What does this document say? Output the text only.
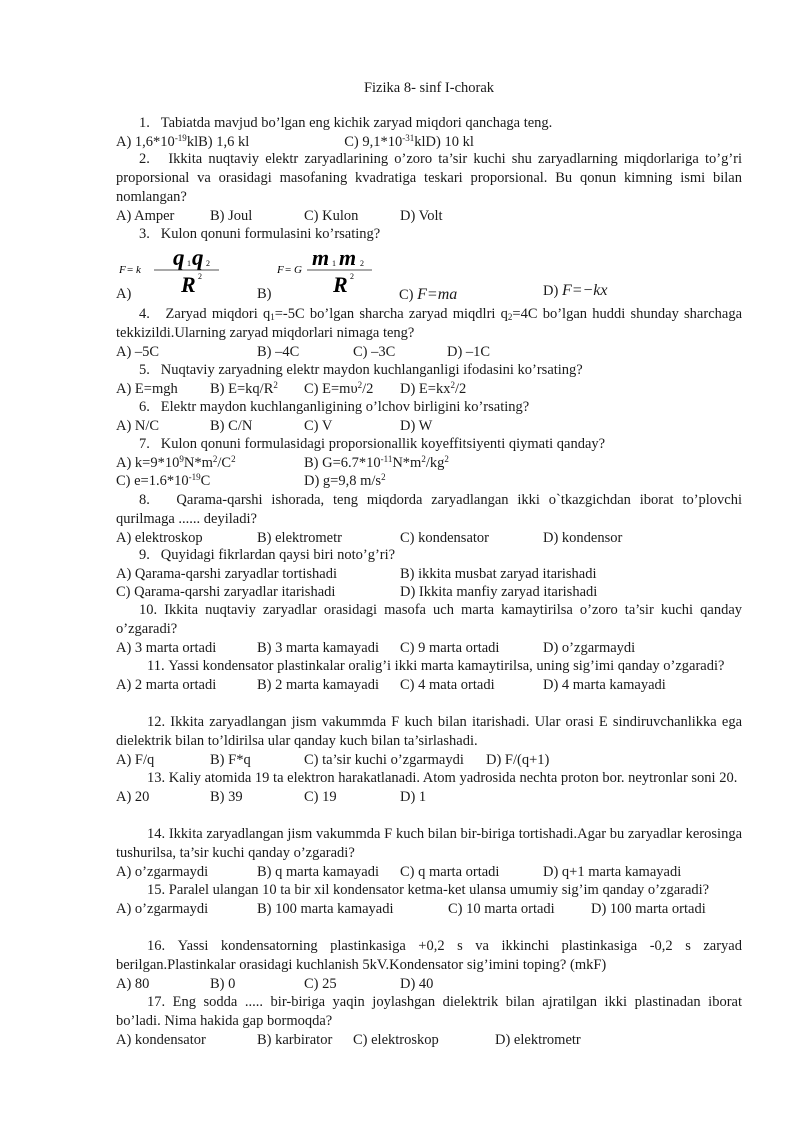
Fizika 8- sinf I-chorak
1. Tabiatda mavjud bo’lgan eng kichik zaryad miqdori qanchaga teng.
A) $1,6*10^{-19}kl$ B) 1,6 kl	C) $9,1*10^{-31}kl$ D) 10 kl
2. Ikkita nuqtaviy elektr zaryadlarining o’zoro ta’sir kuchi shu zaryadlarning miqdorlariga to’g’ri proporsional va orasidagi masofaning kvadratiga teskari proporsional. Bu qonun kimning ismi bilan nomlangan?
A) Amper	B) Joul	C) Kulon	D) Volt
3. Kulon qonuni formulasini ko’rsating?
A)
F = k q 1 q 2
R 2
B)
F = G m 1 m 2
R 2
C) F=ma	D) F=−kx
4. Zaryad miqdori $q_1=-5C$ bo’lgan sharcha zaryad miqdlri $q_2=4C$ bo’lgan huddi shunday sharchaga tekkizildi.Ularning zaryad miqdorlari nimaga teng?
A) –5C	B) –4C	C) –3C	D) –1C
5. Nuqtaviy zaryadning elektr maydon kuchlanganligi ifodasini ko’rsating?
A) E=mgh	B) $E=kq/R^2$	C) $E=m\upsilon^2/2$	D) $E=kx^2/2$
6. Elektr maydon kuchlanganligining o’lchov birligini ko’rsating?
A) N/C	B) C/N	C) V	D) W
7. Kulon qonuni formulasidagi proporsionallik koyeffitsiyenti qiymati qanday?
A) $k=9*10^9N*m^2/C^2$	B) $G=6.7*10^{-11}N*m^2/kg^2$
C) $e=1.6*10^{-19}C$	D) g=9,8 $m/s^2$
8. Qarama-qarshi ishorada, teng miqdorda zaryadlangan ikki o`tkazgichdan iborat to’plovchi qurilmaga ...... deyiladi?
A) elektroskop	B) elektrometr	C) kondensator	D) kondensor
9. Quyidagi fikrlardan qaysi biri noto’g’ri?
A) Qarama-qarshi zaryadlar tortishadi	B) ikkita musbat zaryad itarishadi
C) Qarama-qarshi zaryadlar itarishadi	D) Ikkita manfiy zaryad itarishadi
10. Ikkita nuqtaviy zaryadlar orasidagi masofa uch marta kamaytirilsa o’zoro ta’sir kuchi qanday o’zgaradi?
A) 3 marta ortadi	B) 3 marta kamayadi	C) 9 marta ortadi	D) o’zgarmaydi
11. Yassi kondensator plastinkalar oralig’i ikki marta kamaytirilsa, uning sig’imi qanday o’zgaradi?
A) 2 marta ortadi	B) 2 marta kamayadi	C) 4 mata ortadi	D) 4 marta kamayadi
12. Ikkita zaryadlangan jism vakummda F kuch bilan itarishadi. Ular orasi E sindiruvchanlikka ega dielektrik bilan to’ldirilsa ular qanday kuch bilan ta’sirlashadi.
A) F/q	B) F*q	C) ta’sir kuchi o’zgarmaydi	D) F/(q+1)
13. Kaliy atomida 19 ta elektron harakatlanadi. Atom yadrosida nechta proton bor. neytronlar soni 20.
A) 20	B) 39	C) 19	D) 1
14. Ikkita zaryadlangan jism vakummda F kuch bilan bir-biriga tortishadi.Agar bu zaryadlar kerosinga tushurilsa, ta’sir kuchi qanday o’zgaradi?
A) o’zgarmaydi	B) q marta kamayadi	C) q marta ortadi	D) q+1 marta kamayadi
15. Paralel ulangan 10 ta bir xil kondensator ketma-ket ulansa umumiy sig’im qanday o’zgaradi?
A) o’zgarmaydi	B) 100 marta kamayadi	C) 10 marta ortadi	D) 100 marta ortadi
16. Yassi kondensatorning plastinkasiga +0,2 s va ikkinchi plastinkasiga -0,2 s zaryad berilgan.Plastinkalar orasidagi kuchlanish 5kV.Kondensator sig’imini toping? (mkF)
A) 80	B) 0	C) 25	D) 40
17. Eng sodda ..... bir-biriga yaqin joylashgan dielektrik bilan ajratilgan ikki plastinadan iborat bo’ladi. Nima hakida gap bormoqda?
A) kondensator	B) karbirator	C) elektroskop	D) elektrometr
